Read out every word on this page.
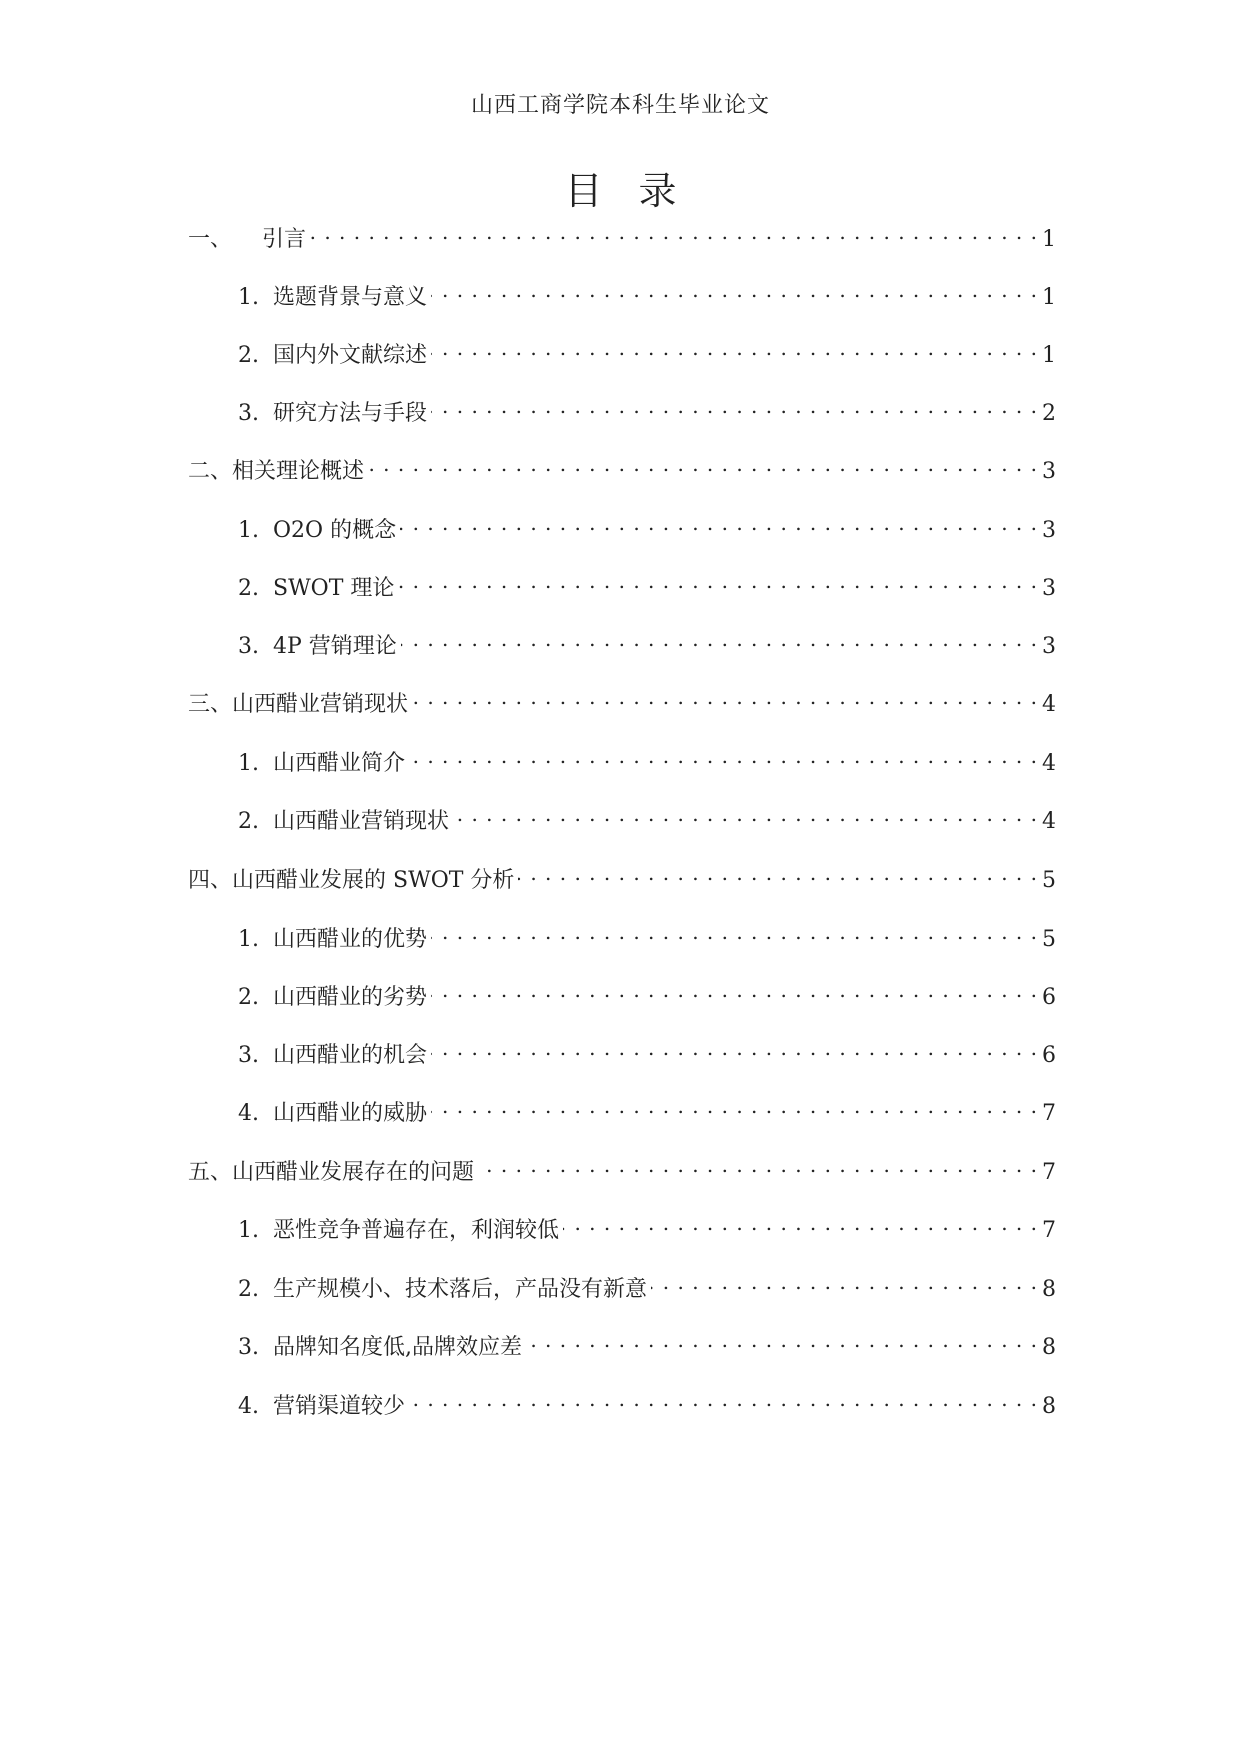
山西工商学院本科生毕业论文
目录
一、 引言 . . .	1
1. 选题背景与意义 . . .	1
2. 国内外文献综述 . . .	1
3. 研究方法与手段 . . .	2
二、 相关理论概述 . . .	3
1. O2O 的概念 . . .	3
2. SWOT 理论 . . .	3
3. 4P 营销理论 . . .	3
三、 山西醋业营销现状 . . .	4
1. 山西醋业简介 . . .	4
2. 山西醋业营销现状 . . .	4
四、 山西醋业发展的 SWOT 分析 . . .	5
1. 山西醋业的优势 . . .	5
2. 山西醋业的劣势 . . .	6
3. 山西醋业的机会 . . .	6
4. 山西醋业的威胁 . . .	7
五、 山西醋业发展存在的问题 . . .	7
1. 恶性竞争普遍存在，利润较低 . . .	7
2. 生产规模小、技术落后，产品没有新意 . . .	8
3. 品牌知名度低,品牌效应差 . . .	8
4. 营销渠道较少 . . .	8
